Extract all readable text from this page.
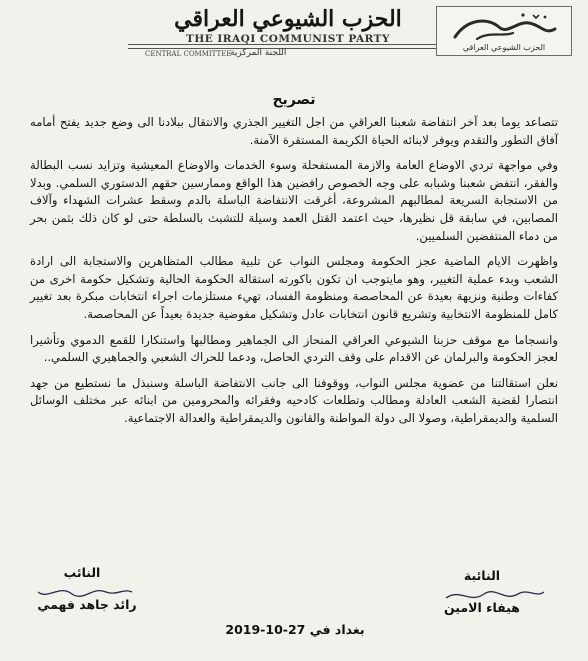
الحزب الشيوعي العراقي
THE IRAQI COMMUNIST PARTY
CENTRAL COMMITTEE
اللجنة المركزية
الحزب الشيوعي العراقي
تصريح

تتصاعد يوما بعد آخر انتفاضة شعبنا العراقي من اجل التغيير الجذري والانتقال ببلادنا الى وضع جديد يفتح أمامه آفاق التطور والتقدم ويوفر لابنائه الحياة الكريمة المستقرة الآمنة.

وفي مواجهة تردي الاوضاع العامة والازمة المستفحلة وسوء الخدمات والاوضاع المعيشية وتزايد نسب البطالة والفقر، انتفض شعبنا وشبابه على وجه الخصوص رافضين هذا الواقع وممارسين حقهم الدستوري السلمي. وبدلا من الاستجابة السريعة لمطالبهم المشروعة، أغرقت الانتفاضة الباسلة بالدم وسقط عشرات الشهداء وآلاف المصابين، في سابقة قل نظيرها، حيث اعتمد القتل العمد وسيلة للتشبث بالسلطة حتى لو كان ذلك بثمن بحر من دماء المنتفضين السلميين.

واظهرت الايام الماضية عجز الحكومة ومجلس النواب عن تلبية مطالب المتظاهرين والاستجابة الى ارادة الشعب وبدء عملية التغيير، وهو مايتوجب ان تكون باكورته استقالة الحكومة الحالية وتشكيل حكومة اخرى من كفاءات وطنية ونزيهة بعيدة عن المحاصصة ومنظومة الفساد، تهيء مستلزمات اجراء انتخابات مبكرة بعد تغيير كامل للمنظومة الانتخابية وتشريع قانون انتخابات عادل وتشكيل مفوضية جديدة بعيداً عن المحاصصة.

وانسجاما مع موقف حزبنا الشيوعي العراقي المنحاز الى الجماهير ومطالبها واستنكارا للقمع الدموي وتأشيرا لعجز الحكومة والبرلمان عن الاقدام على وقف التردي الحاصل، ودعما للحراك الشعبي والجماهيري السلمي..

نعلن استقالتنا من عضوية مجلس النواب، ووقوفنا الى جانب الانتفاضة الباسلة وسنبذل ما نستطيع من جهد انتصارا لقضية الشعب العادلة ومطالب وتطلعات كادحيه وفقرائه والمحرومين من ابنائه عبر مختلف الوسائل السلمية والديمقراطية، وصولا الى دولة المواطنة والقانون والديمقراطية والعدالة الاجتماعية.

النائبة
هيفاء الامين
النائب
رائد جاهد فهمي
بغداد في 27-10-2019
